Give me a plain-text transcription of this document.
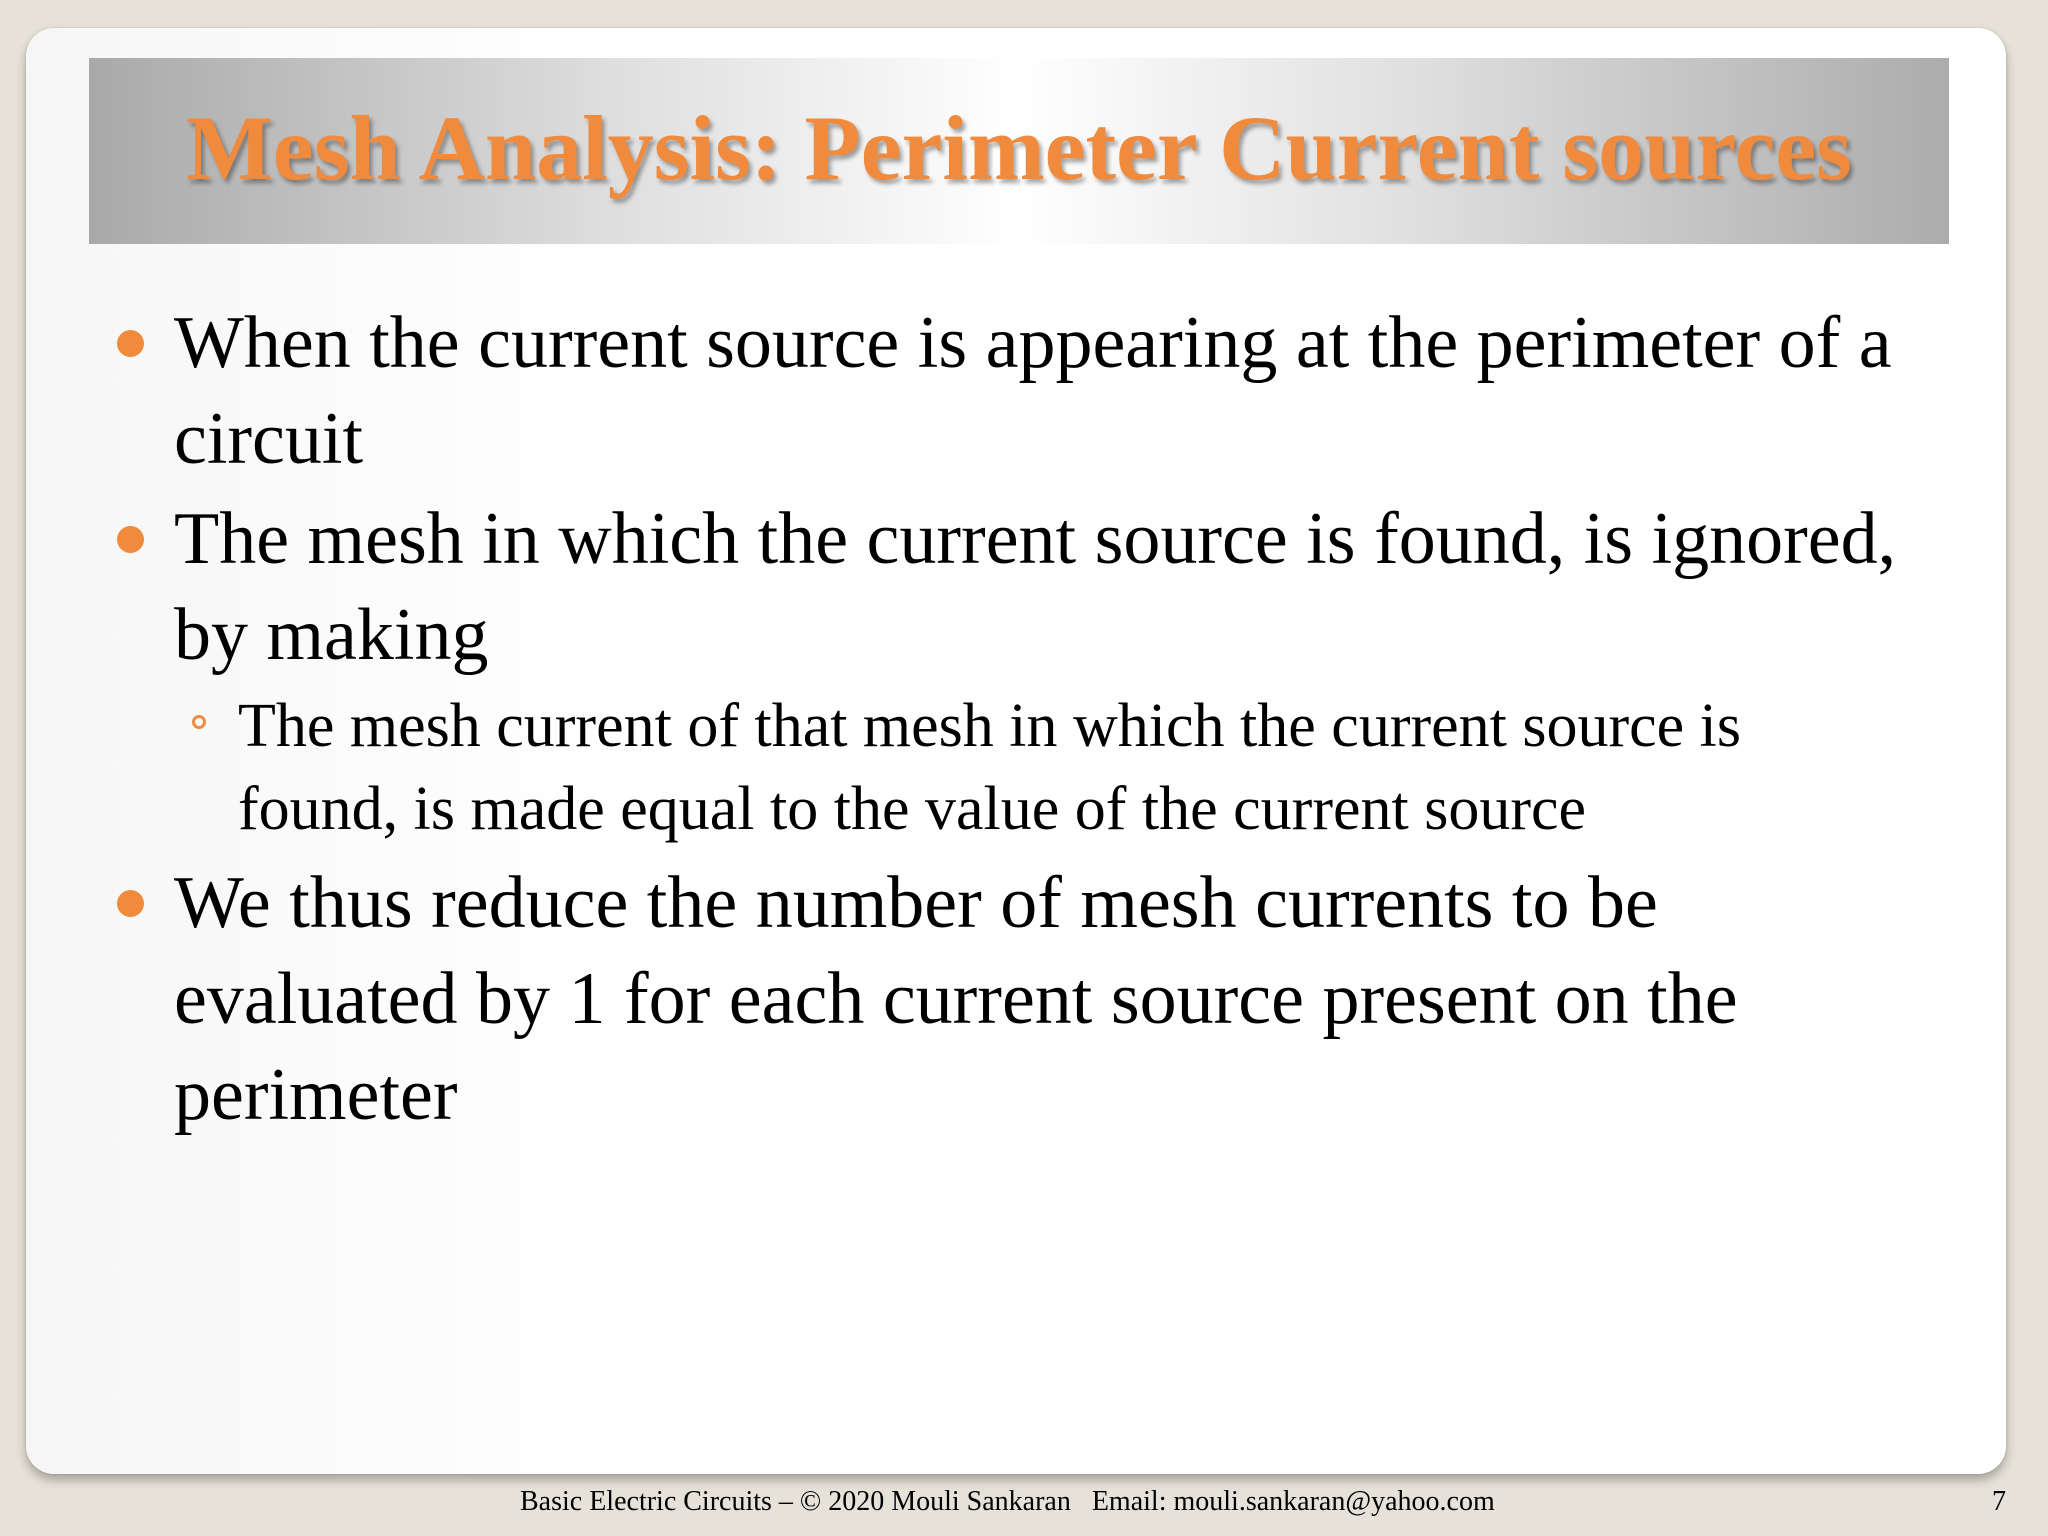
Mesh Analysis: Perimeter Current sources
When the current source is appearing at the perimeter of a circuit
The mesh in which the current source is found, is ignored, by making
The mesh current of that mesh in which the current source is found, is made equal to the value of the current source
We thus reduce the number of mesh currents to be evaluated by 1 for each current source present on the perimeter
Basic Electric Circuits – © 2020 Mouli Sankaran   Email: mouli.sankaran@yahoo.com	7
